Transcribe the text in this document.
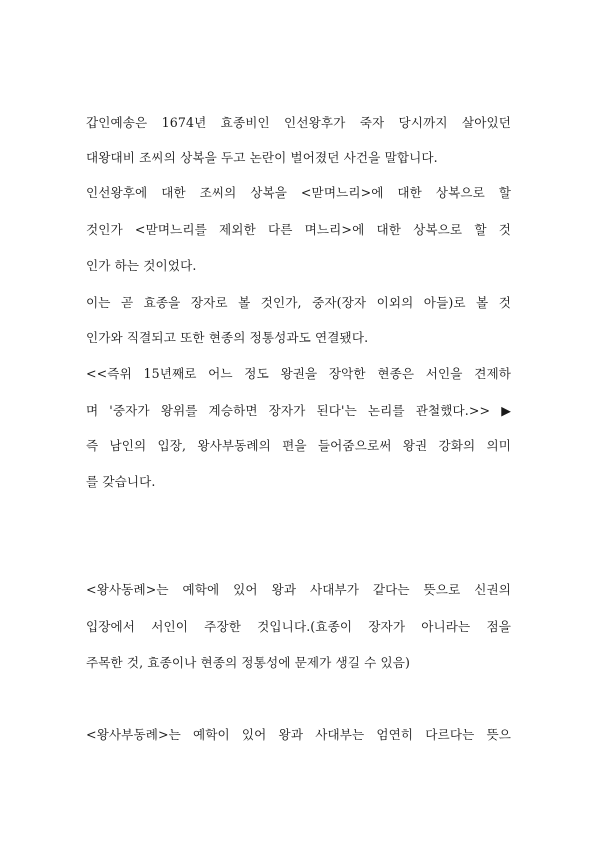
갑인예송은 1674년 효종비인 인선왕후가 죽자 당시까지 살아있던
대왕대비 조씨의 상복을 두고 논란이 벌어졌던 사건을 말합니다.
인선왕후에 대한 조씨의 상복을 <맏며느리>에 대한 상복으로 할
것인가 <맏며느리를 제외한 다른 며느리>에 대한 상복으로 할 것
인가 하는 것이었다.
이는 곧 효종을 장자로 볼 것인가, 중자(장자 이외의 아들)로 볼 것
인가와 직결되고 또한 현종의 정통성과도 연결됐다.
<<즉위 15년째로 어느 정도 왕권을 장악한 현종은 서인을 견제하
며 '중자가 왕위를 계승하면 장자가 된다'는 논리를 관철했다.>> ▶
즉 남인의 입장, 왕사부동례의 편을 들어줌으로써 왕권 강화의 의미
를 갖습니다.
<왕사동례>는 예학에 있어 왕과 사대부가 같다는 뜻으로 신권의
입장에서 서인이 주장한 것입니다.(효종이 장자가 아니라는 점을
주목한 것, 효종이나 현종의 정통성에 문제가 생길 수 있음)
<왕사부동례>는 예학이 있어 왕과 사대부는 엄연히 다르다는 뜻으
